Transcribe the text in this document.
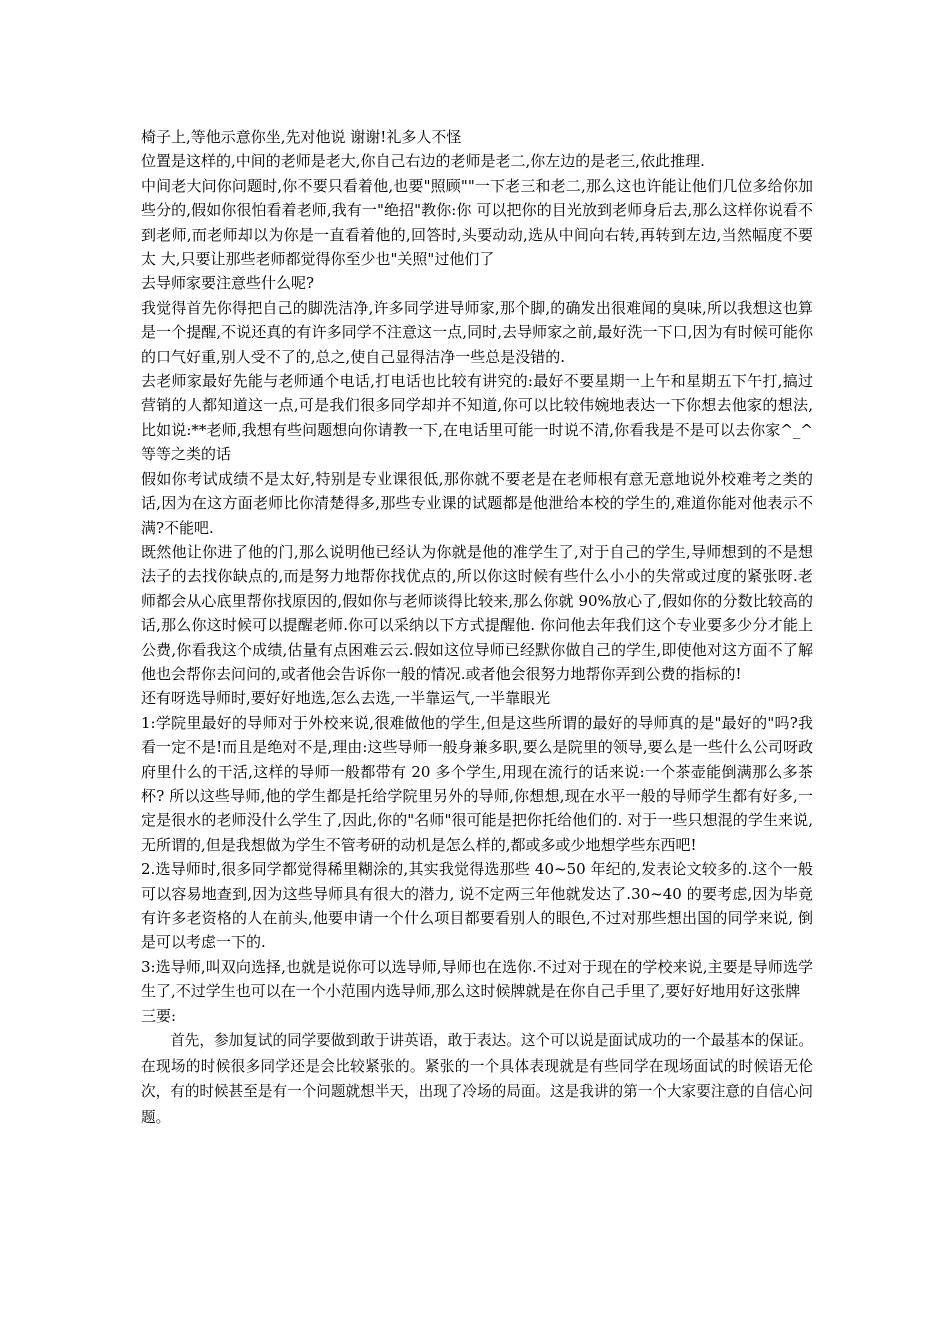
椅子上,等他示意你坐,先对他说 谢谢!礼多人不怪

位置是这样的,中间的老师是老大,你自己右边的老师是老二,你左边的是老三,依此推理.

中间老大问你问题时,你不要只看着他,也要"照顾""一下老三和老二,那么这也许能让他们几位多给你加些分的,假如你很怕看着老师,我有一"绝招"教你:你 可以把你的目光放到老师身后去,那么这样你说看不到老师,而老师却以为你是一直看着他的,回答时,头要动动,选从中间向右转,再转到左边,当然幅度不要太 大,只要让那些老师都觉得你至少也"关照"过他们了

去导师家要注意些什么呢?

我觉得首先你得把自己的脚洗洁净,许多同学进导师家,那个脚,的确发出很难闻的臭味,所以我想这也算是一个提醒,不说还真的有许多同学不注意这一点,同时,去导师家之前,最好洗一下口,因为有时候可能你的口气好重,别人受不了的,总之,使自己显得洁净一些总是没错的.

去老师家最好先能与老师通个电话,打电话也比较有讲究的:最好不要星期一上午和星期五下午打,搞过营销的人都知道这一点,可是我们很多同学却并不知道,你可以比较伟婉地表达一下你想去他家的想法,比如说:**老师,我想有些问题想向你请教一下,在电话里可能一时说不清,你看我是不是可以去你家^_^等等之类的话

假如你考试成绩不是太好,特别是专业课很低,那你就不要老是在老师根有意无意地说外校难考之类的话,因为在这方面老师比你清楚得多,那些专业课的试题都是他泄给本校的学生的,难道你能对他表示不满?不能吧.

既然他让你进了他的门,那么说明他已经认为你就是他的准学生了,对于自己的学生,导师想到的不是想法子的去找你缺点的,而是努力地帮你找优点的,所以你这时候有些什么小小的失常或过度的紧张呀.老师都会从心底里帮你找原因的,假如你与老师谈得比较来,那么你就 90%放心了,假如你的分数比较高的话,那么你这时候可以提醒老师.你可以采纳以下方式提醒他. 你问他去年我们这个专业要多少分才能上公费,你看我这个成绩,估量有点困难云云.假如这位导师已经默你做自己的学生,即使他对这方面不了解他也会帮你去问问的,或者他会告诉你一般的情况.或者他会很努力地帮你弄到公费的指标的!

还有呀选导师时,要好好地选,怎么去选,一半靠运气,一半靠眼光

1:学院里最好的导师对于外校来说,很难做他的学生,但是这些所谓的最好的导师真的是"最好的"吗?我看一定不是!而且是绝对不是,理由:这些导师一般身兼多职,要么是院里的领导,要么是一些什么公司呀政府里什么的干活,这样的导师一般都带有 20 多个学生,用现在流行的话来说:一个茶壶能倒满那么多茶杯? 所以这些导师,他的学生都是托给学院里另外的导师,你想想,现在水平一般的导师学生都有好多,一定是很水的老师没什么学生了,因此,你的"名师"很可能是把你托给他们的. 对于一些只想混的学生来说,无所谓的,但是我想做为学生不管考研的动机是怎么样的,都或多或少地想学些东西吧!

2.选导师时,很多同学都觉得稀里糊涂的,其实我觉得选那些 40~50 年纪的,发表论文较多的.这个一般可以容易地查到,因为这些导师具有很大的潜力, 说不定两三年他就发达了.30~40 的要考虑,因为毕竟有许多老资格的人在前头,他要申请一个什么项目都要看别人的眼色,不过对那些想出国的同学来说, 倒是可以考虑一下的.

3:选导师,叫双向选择,也就是说你可以选导师,导师也在选你.不过对于现在的学校来说,主要是导师选学生了,不过学生也可以在一个小范围内选导师,那么这时候牌就是在你自己手里了,要好好地用好这张牌

三要:

首先，参加复试的同学要做到敢于讲英语，敢于表达。这个可以说是面试成功的一个最基本的保证。在现场的时候很多同学还是会比较紧张的。紧张的一个具体表现就是有些同学在现场面试的时候语无伦次，有的时候甚至是有一个问题就想半天，出现了冷场的局面。这是我讲的第一个大家要注意的自信心问题。
